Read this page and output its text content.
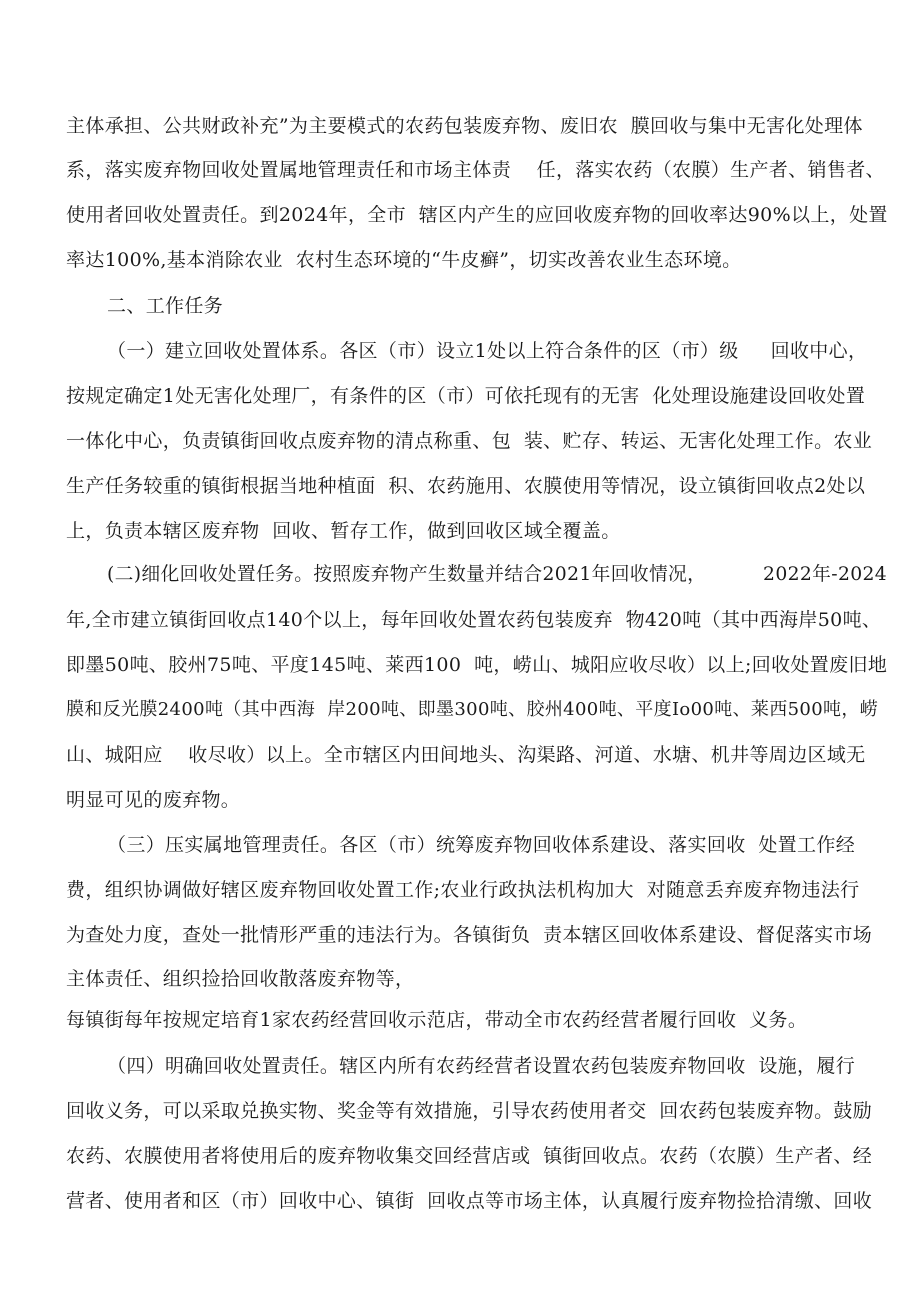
主体承担、公共财政补充”为主要模式的农药包装废弃物、废旧农  膜回收与集中无害化处理体
系，落实废弃物回收处置属地管理责任和市场主体责    任，落实农药（农膜）生产者、销售者、
使用者回收处置责任。到2024年，全市  辖区内产生的应回收废弃物的回收率达90%以上，处置
率达100%,基本消除农业  农村生态环境的“牛皮癣”，切实改善农业生态环境。
二、工作任务
（一）建立回收处置体系。各区（市）设立1处以上符合条件的区（市）级     回收中心，
按规定确定1处无害化处理厂，有条件的区（市）可依托现有的无害  化处理设施建设回收处置
一体化中心，负责镇街回收点废弃物的清点称重、包  装、贮存、转运、无害化处理工作。农业
生产任务较重的镇街根据当地种植面  积、农药施用、农膜使用等情况，设立镇街回收点2处以
上，负责本辖区废弃物  回收、暂存工作，做到回收区域全覆盖。
(二)细化回收处置任务。按照废弃物产生数量并结合2021年回收情况，         2022年-2024
年,全市建立镇街回收点140个以上，每年回收处置农药包装废弃  物420吨（其中西海岸50吨、
即墨50吨、胶州75吨、平度145吨、莱西100  吨，崂山、城阳应收尽收）以上;回收处置废旧地
膜和反光膜2400吨（其中西海  岸200吨、即墨300吨、胶州400吨、平度Io00吨、莱西500吨，崂
山、城阳应    收尽收）以上。全市辖区内田间地头、沟渠路、河道、水塘、机井等周边区域无
明显可见的废弃物。
（三）压实属地管理责任。各区（市）统筹废弃物回收体系建设、落实回收  处置工作经
费，组织协调做好辖区废弃物回收处置工作;农业行政执法机构加大  对随意丢弃废弃物违法行
为查处力度，查处一批情形严重的违法行为。各镇街负  责本辖区回收体系建设、督促落实市场
主体责任、组织捡拾回收散落废弃物等，
每镇街每年按规定培育1家农药经营回收示范店，带动全市农药经营者履行回收  义务。
（四）明确回收处置责任。辖区内所有农药经营者设置农药包装废弃物回收  设施，履行
回收义务，可以采取兑换实物、奖金等有效措施，引导农药使用者交  回农药包装废弃物。鼓励
农药、农膜使用者将使用后的废弃物收集交回经营店或  镇街回收点。农药（农膜）生产者、经
营者、使用者和区（市）回收中心、镇街  回收点等市场主体，认真履行废弃物捡拾清缴、回收
